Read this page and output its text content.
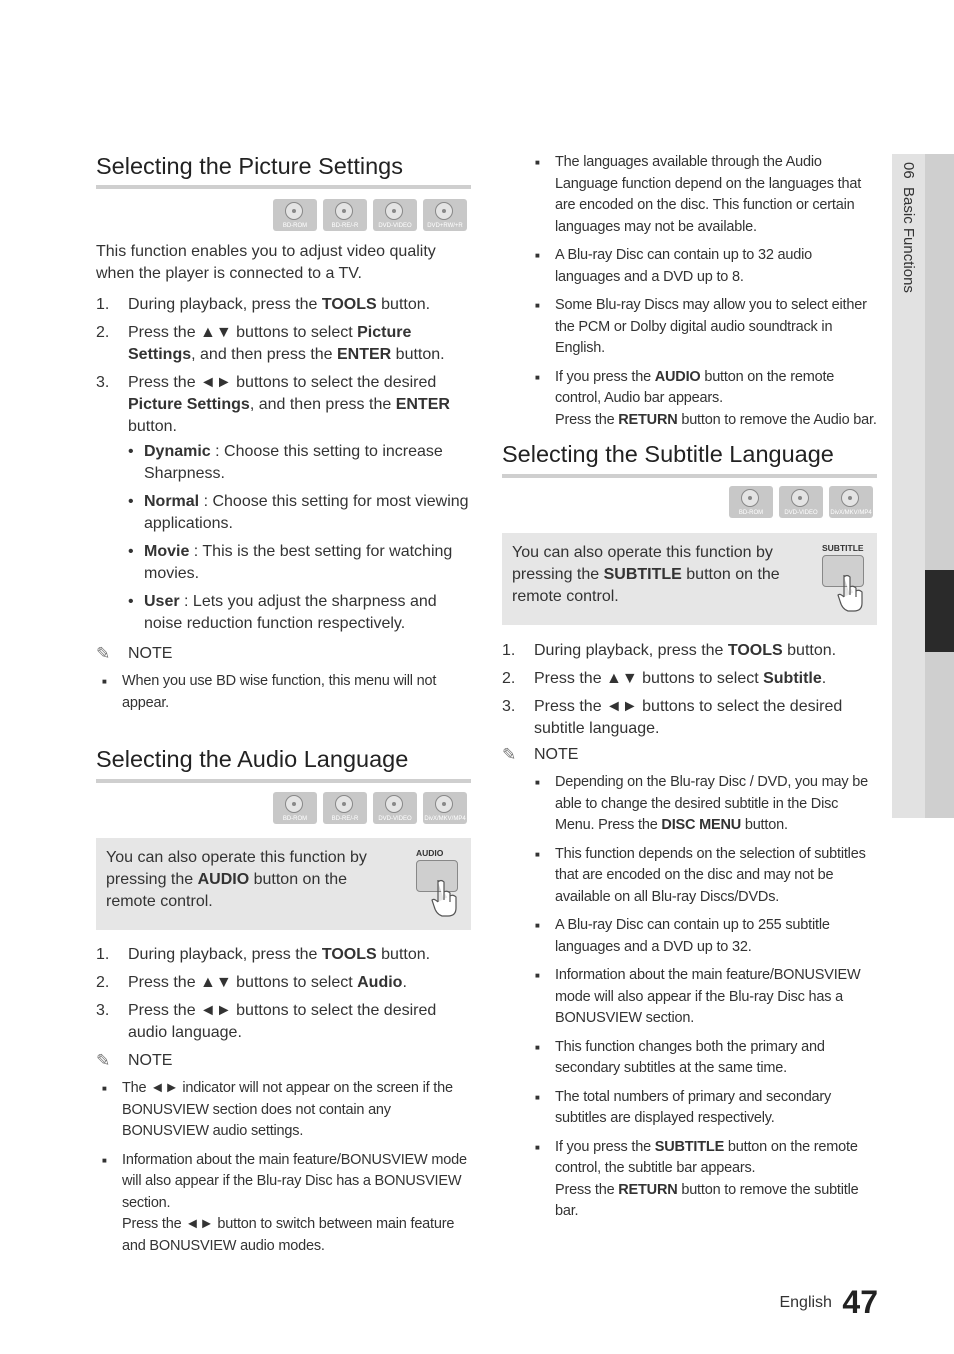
06  Basic Functions
Selecting the Picture Settings
BD-ROM	BD-RE/-R	DVD-VIDEO	DVD+RW/+R
This function enables you to adjust video quality when the player is connected to a TV.
1.	During playback, press the TOOLS button.
2.	Press the ▲▼ buttons to select Picture Settings, and then press the ENTER button.
3.	Press the ◄► buttons to select the desired Picture Settings, and then press the ENTER button.
• Dynamic : Choose this setting to increase Sharpness.
• Normal : Choose this setting for most viewing applications.
• Movie : This is the best setting for watching movies.
• User : Lets you adjust the sharpness and noise reduction function respectively.
✎	NOTE
■	When you use BD wise function, this menu will not appear.
Selecting the Audio Language
BD-ROM	BD-RE/-R	DVD-VIDEO	DivX/MKV/MP4
You can also operate this function by pressing the AUDIO button on the remote control.
AUDIO
1.	During playback, press the TOOLS button.
2.	Press the ▲▼ buttons to select Audio.
3.	Press the ◄► buttons to select the desired audio language.
✎	NOTE
■	The ◄► indicator will not appear on the screen if the BONUSVIEW section does not contain any BONUSVIEW audio settings.
■	Information about the main feature/BONUSVIEW mode will also appear if the Blu-ray Disc has a BONUSVIEW section.
Press the ◄► button to switch between main feature and BONUSVIEW audio modes.
■	The languages available through the Audio Language function depend on the languages that are encoded on the disc. This function or certain languages may not be available.
■	A Blu-ray Disc can contain up to 32 audio languages and a DVD up to 8.
■	Some Blu-ray Discs may allow you to select either the PCM or Dolby digital audio soundtrack in English.
■	If you press the AUDIO button on the remote control, Audio bar appears.
Press the RETURN button to remove the Audio bar.
Selecting the Subtitle Language
BD-ROM	DVD-VIDEO	DivX/MKV/MP4
You can also operate this function by pressing the SUBTITLE button on the remote control.
SUBTITLE
1.	During playback, press the TOOLS button.
2.	Press the ▲▼ buttons to select Subtitle.
3.	Press the ◄► buttons to select the desired subtitle language.
✎	NOTE
■	Depending on the Blu-ray Disc / DVD, you may be able to change the desired subtitle in the Disc Menu. Press the DISC MENU button.
■	This function depends on the selection of subtitles that are encoded on the disc and may not be available on all Blu-ray Discs/DVDs.
■	A Blu-ray Disc can contain up to 255 subtitle languages and a DVD up to 32.
■	Information about the main feature/BONUSVIEW mode will also appear if the Blu-ray Disc has a BONUSVIEW section.
■	This function changes both the primary and secondary subtitles at the same time.
■	The total numbers of primary and secondary subtitles are displayed respectively.
■	If you press the SUBTITLE button on the remote control, the subtitle bar appears.
Press the RETURN button to remove the subtitle bar.
English 47
